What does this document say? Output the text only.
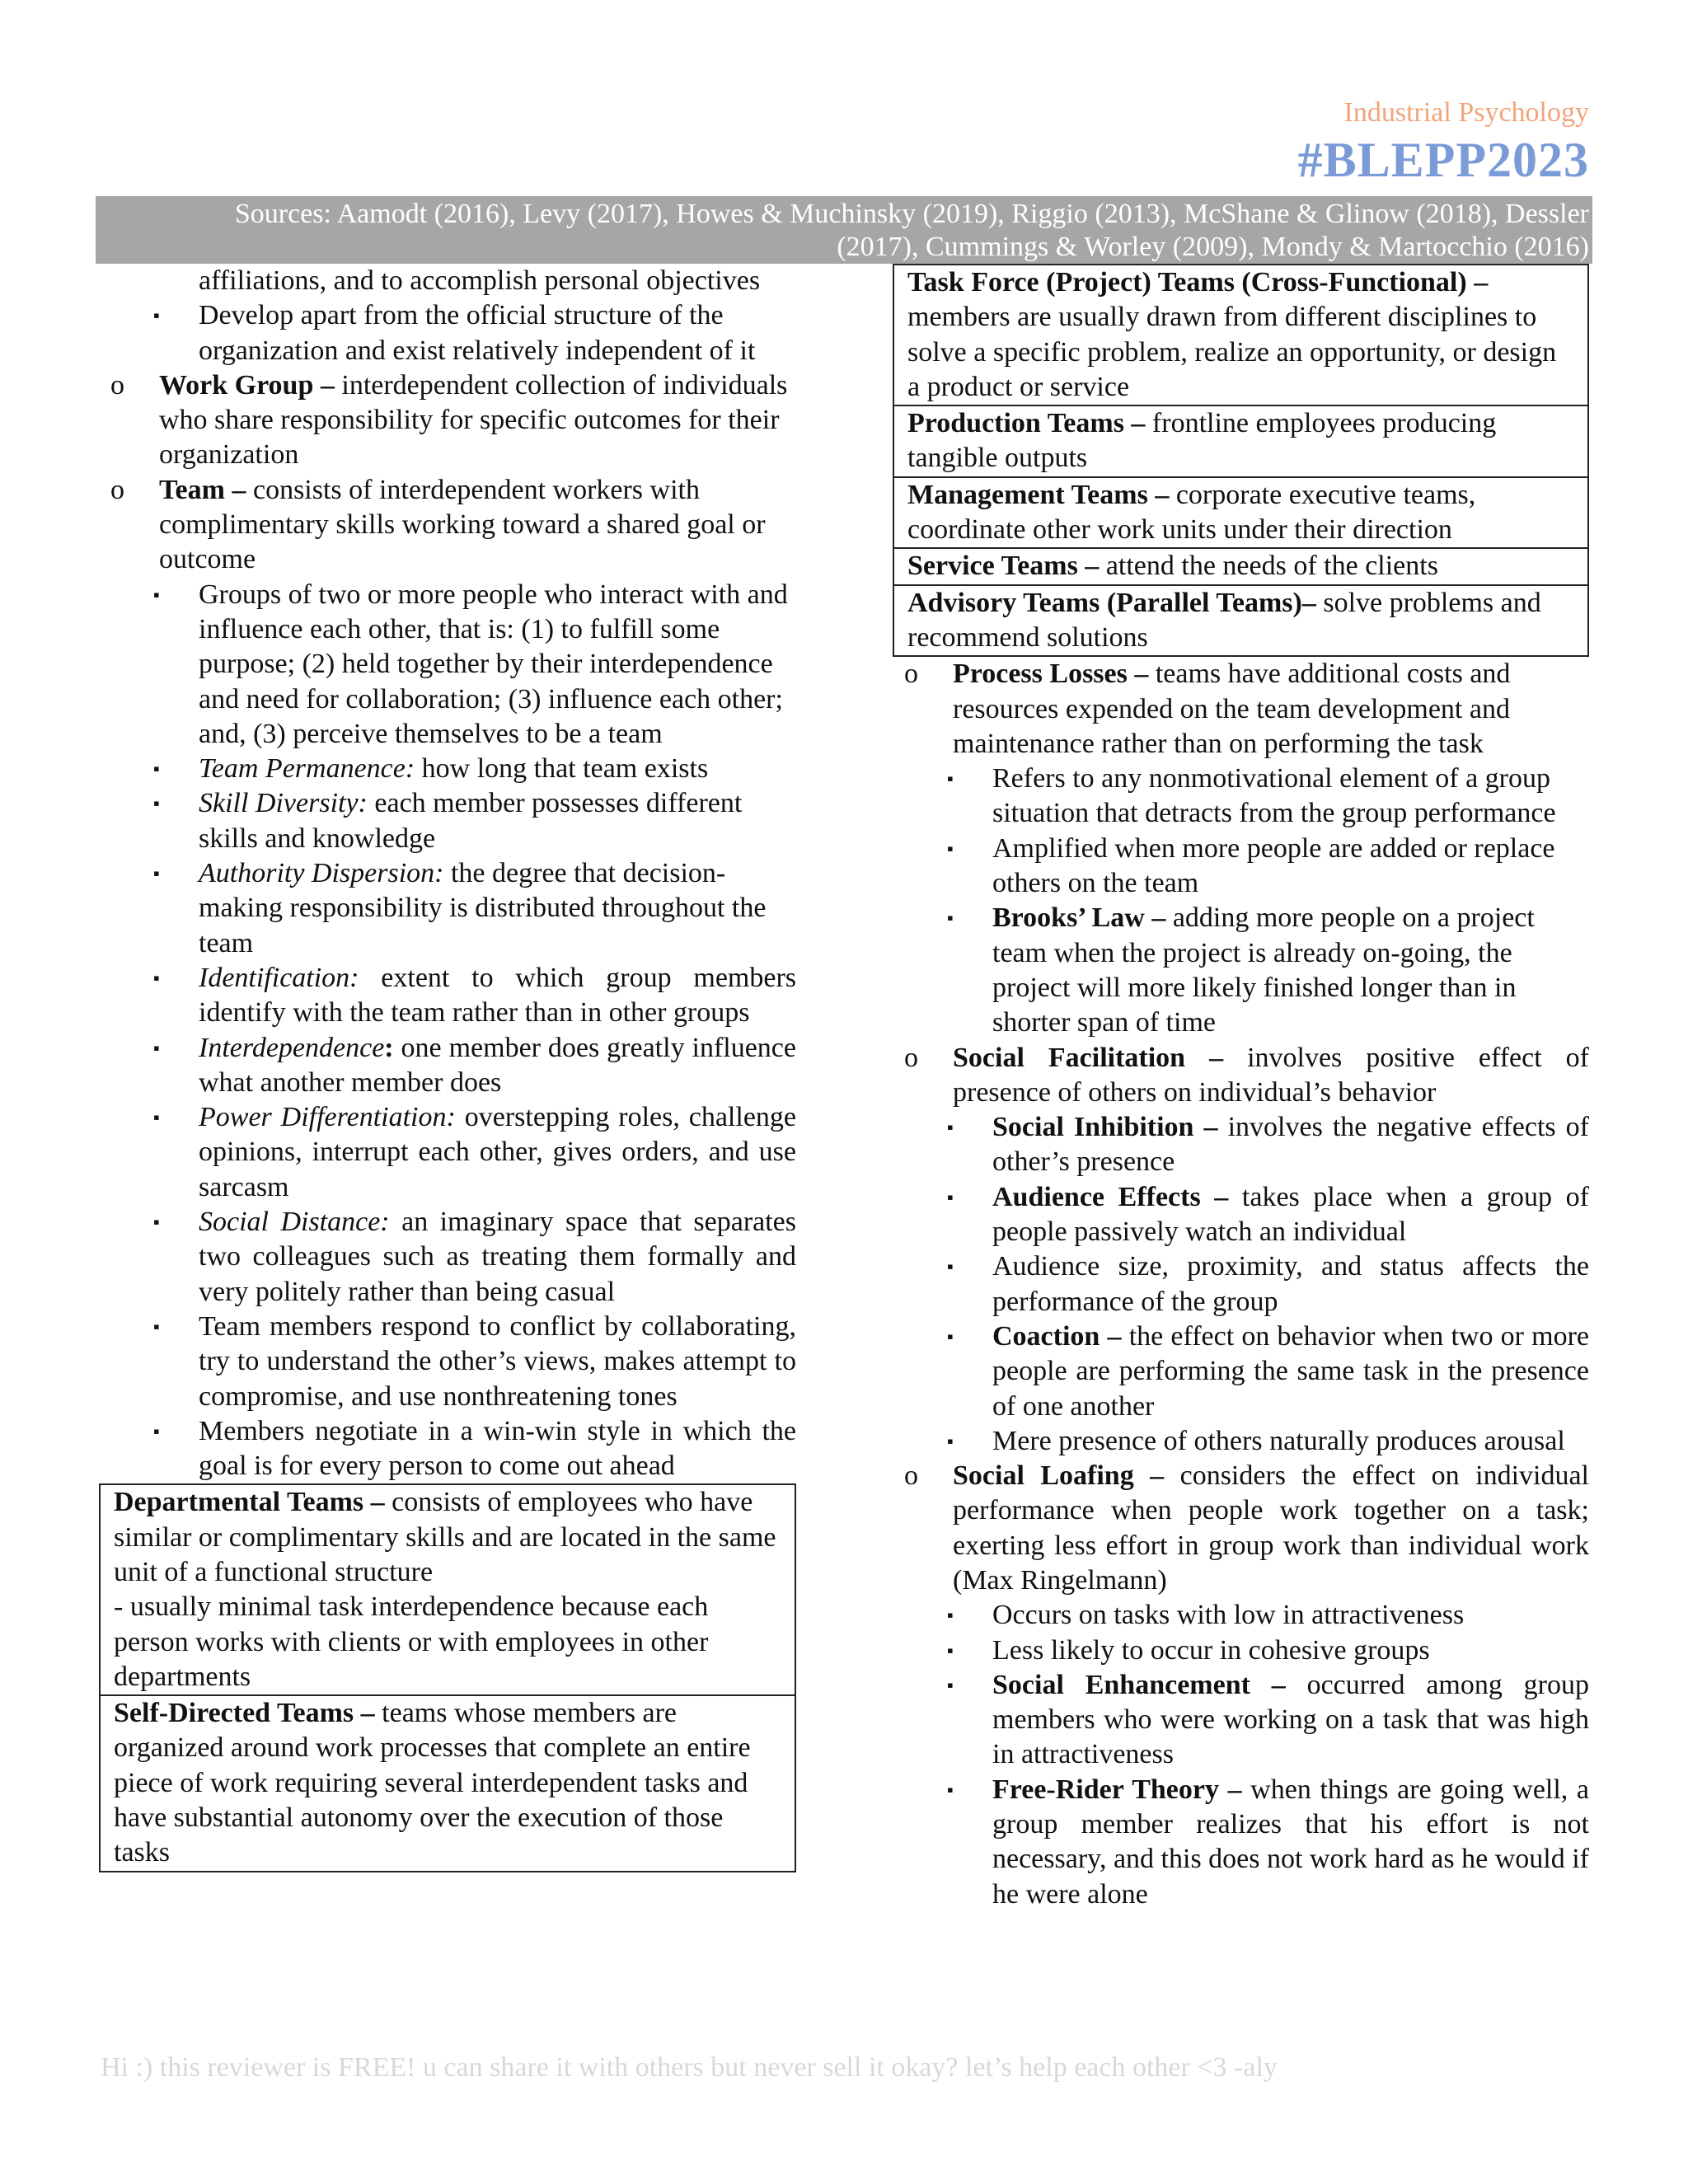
Industrial Psychology
#BLEPP2023
Sources: Aamodt (2016), Levy (2017), Howes & Muchinsky (2019), Riggio (2013), McShane & Glinow (2018), Dessler
(2017), Cummings & Worley (2009), Mondy & Martocchio (2016)
affiliations, and to accomplish personal objectives
▪ Develop apart from the official structure of the organization and exist relatively independent of it
o Work Group – interdependent collection of individuals who share responsibility for specific outcomes for their organization
o Team – consists of interdependent workers with complimentary skills working toward a shared goal or outcome
▪ Groups of two or more people who interact with and influence each other, that is: (1) to fulfill some purpose; (2) held together by their interdependence and need for collaboration; (3) influence each other; and, (3) perceive themselves to be a team
▪ Team Permanence: how long that team exists
▪ Skill Diversity: each member possesses different skills and knowledge
▪ Authority Dispersion: the degree that decision-making responsibility is distributed throughout the team
▪ Identification: extent to which group members identify with the team rather than in other groups
▪ Interdependence: one member does greatly influence what another member does
▪ Power Differentiation: overstepping roles, challenge opinions, interrupt each other, gives orders, and use sarcasm
▪ Social Distance: an imaginary space that separates two colleagues such as treating them formally and very politely rather than being casual
▪ Team members respond to conflict by collaborating, try to understand the other’s views, makes attempt to compromise, and use nonthreatening tones
▪ Members negotiate in a win-win style in which the goal is for every person to come out ahead
Departmental Teams – consists of employees who have similar or complimentary skills and are located in the same unit of a functional structure
- usually minimal task interdependence because each person works with clients or with employees in other departments
Self-Directed Teams – teams whose members are organized around work processes that complete an entire piece of work requiring several interdependent tasks and have substantial autonomy over the execution of those tasks
Task Force (Project) Teams (Cross-Functional) – members are usually drawn from different disciplines to solve a specific problem, realize an opportunity, or design a product or service
Production Teams – frontline employees producing tangible outputs
Management Teams – corporate executive teams, coordinate other work units under their direction
Service Teams – attend the needs of the clients
Advisory Teams (Parallel Teams)– solve problems and recommend solutions
o Process Losses – teams have additional costs and resources expended on the team development and maintenance rather than on performing the task
▪ Refers to any nonmotivational element of a group situation that detracts from the group performance
▪ Amplified when more people are added or replace others on the team
▪ Brooks’ Law – adding more people on a project team when the project is already on-going, the project will more likely finished longer than in shorter span of time
o Social Facilitation – involves positive effect of presence of others on individual’s behavior
▪ Social Inhibition – involves the negative effects of other’s presence
▪ Audience Effects – takes place when a group of people passively watch an individual
▪ Audience size, proximity, and status affects the performance of the group
▪ Coaction – the effect on behavior when two or more people are performing the same task in the presence of one another
▪ Mere presence of others naturally produces arousal
o Social Loafing – considers the effect on individual performance when people work together on a task; exerting less effort in group work than individual work (Max Ringelmann)
▪ Occurs on tasks with low in attractiveness
▪ Less likely to occur in cohesive groups
▪ Social Enhancement – occurred among group members who were working on a task that was high in attractiveness
▪ Free-Rider Theory – when things are going well, a group member realizes that his effort is not necessary, and this does not work hard as he would if he were alone
Hi :) this reviewer is FREE! u can share it with others but never sell it okay? let’s help each other <3 -aly
